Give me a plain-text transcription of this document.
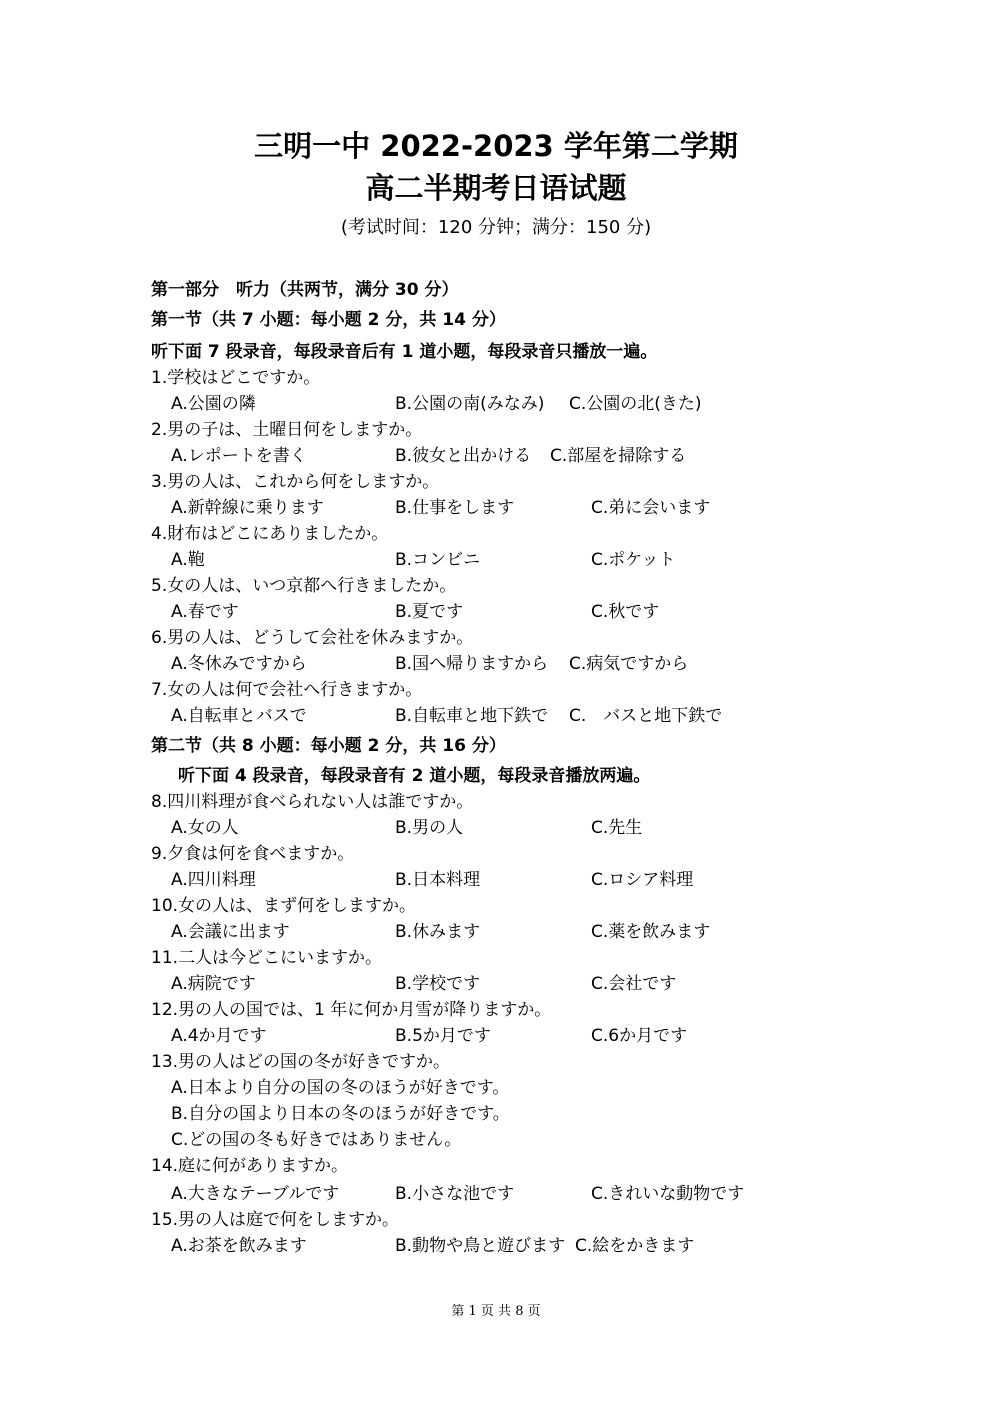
三明一中 2022-2023 学年第二学期
高二半期考日语试题
(考试时间：120 分钟；满分：150 分)
第一部分　听力（共两节，满分 30 分）
第一节（共 7 小题：每小题 2 分，共 14 分）
听下面 7 段录音，每段录音后有 1 道小题，每段录音只播放一遍。
1.学校はどこですか。
A.公園の隣	B.公園の南(みなみ) C.公園の北(きた)
2.男の子は、土曜日何をしますか。
A.レポートを書く	B.彼女と出かける C.部屋を掃除する
3.男の人は、これから何をしますか。
A.新幹線に乗ります	B.仕事をします	C.弟に会います
4.財布はどこにありましたか。
A.鞄	B.コンビニ	C.ポケット
5.女の人は、いつ京都へ行きましたか。
A.春です	B.夏です	C.秋です
6.男の人は、どうして会社を休みますか。
A.冬休みですから	B.国へ帰りますから C.病気ですから
7.女の人は何で会社へ行きますか。
A.自転車とバスで	B.自転車と地下鉄で C.　バスと地下鉄で
第二节（共 8 小题：每小题 2 分，共 16 分）
听下面 4 段录音，每段录音有 2 道小题，每段录音播放两遍。
8.四川料理が食べられない人は誰ですか。
A.女の人	B.男の人	C.先生
9.夕食は何を食べますか。
A.四川料理	B.日本料理	C.ロシア料理
10.女の人は、まず何をしますか。
A.会議に出ます	B.休みます	C.薬を飲みます
11.二人は今どこにいますか。
A.病院です	B.学校です	C.会社です
12.男の人の国では、1 年に何か月雪が降りますか。
A.4か月です	B.5か月です	C.6か月です
13.男の人はどの国の冬が好きですか。
A.日本より自分の国の冬のほうが好きです。
B.自分の国より日本の冬のほうが好きです。
C.どの国の冬も好きではありません。
14.庭に何がありますか。
A.大きなテーブルです	B.小さな池です	C.きれいな動物です
15.男の人は庭で何をしますか。
A.お茶を飲みます	B.動物や鳥と遊びます C.絵をかきます
第 1 页 共 8 页
